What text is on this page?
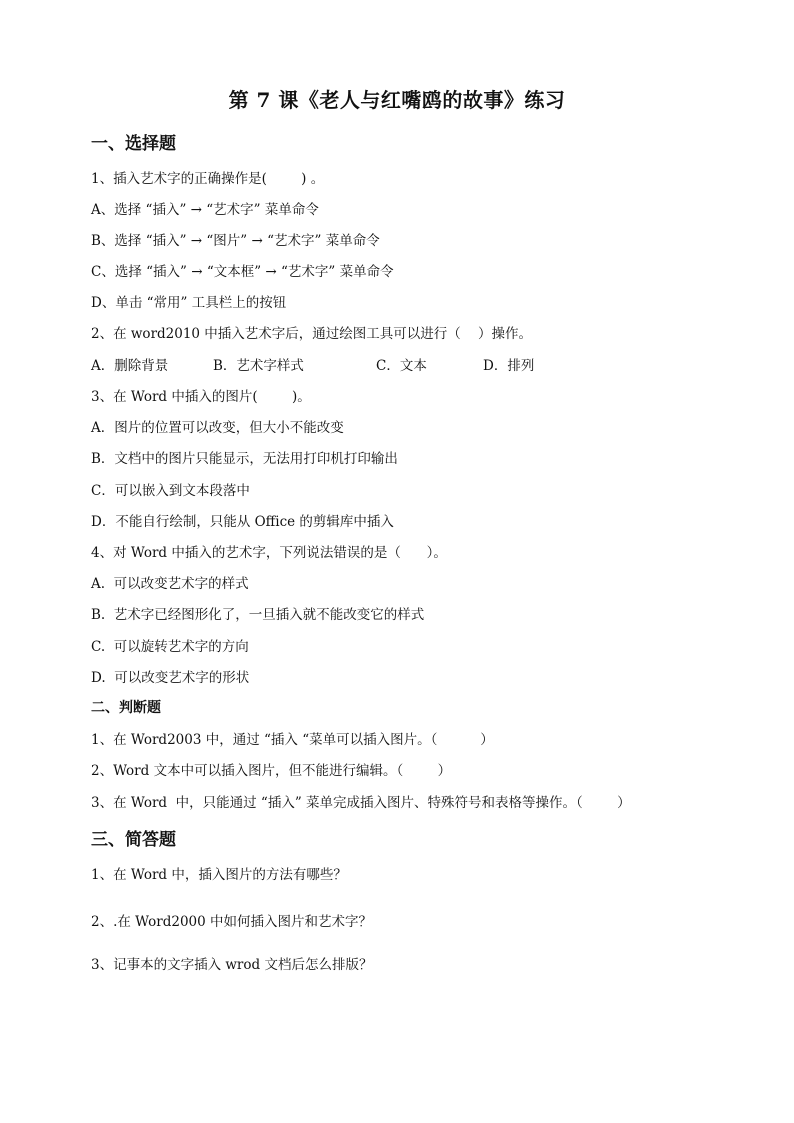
第 7 课《老人与红嘴鸥的故事》练习
一、选择题
1、插入艺术字的正确操作是(        ) 。
A、选择 “插入” → “艺术字” 菜单命令
B、选择 “插入” → “图片” → “艺术字” 菜单命令
C、选择 “插入” → “文本框” → “艺术字” 菜单命令
D、单击 “常用” 工具栏上的按钮
2、在 word2010 中插入艺术字后，通过绘图工具可以进行（    ）操作。
A．删除背景	B．艺术字样式	C．文本	D．排列
3、在 Word 中插入的图片(        )。
A．图片的位置可以改变，但大小不能改变
B．文档中的图片只能显示，无法用打印机打印输出
C．可以嵌入到文本段落中
D．不能自行绘制，只能从 Office 的剪辑库中插入
4、对 Word 中插入的艺术字，下列说法错误的是（      ）。
A.  可以改变艺术字的样式
B.  艺术字已经图形化了，一旦插入就不能改变它的样式
C.  可以旋转艺术字的方向
D.  可以改变艺术字的形状
二、判断题
1、在 Word2003 中，通过 “插入 “菜单可以插入图片。（          ）
2、Word 文本中可以插入图片，但不能进行编辑。（        ）
3、在 Word  中，只能通过 “插入” 菜单完成插入图片、特殊符号和表格等操作。（        ）
三、简答题
1、在 Word 中，插入图片的方法有哪些？
2、.在 Word2000 中如何插入图片和艺术字？
3、记事本的文字插入 wrod 文档后怎么排版？
